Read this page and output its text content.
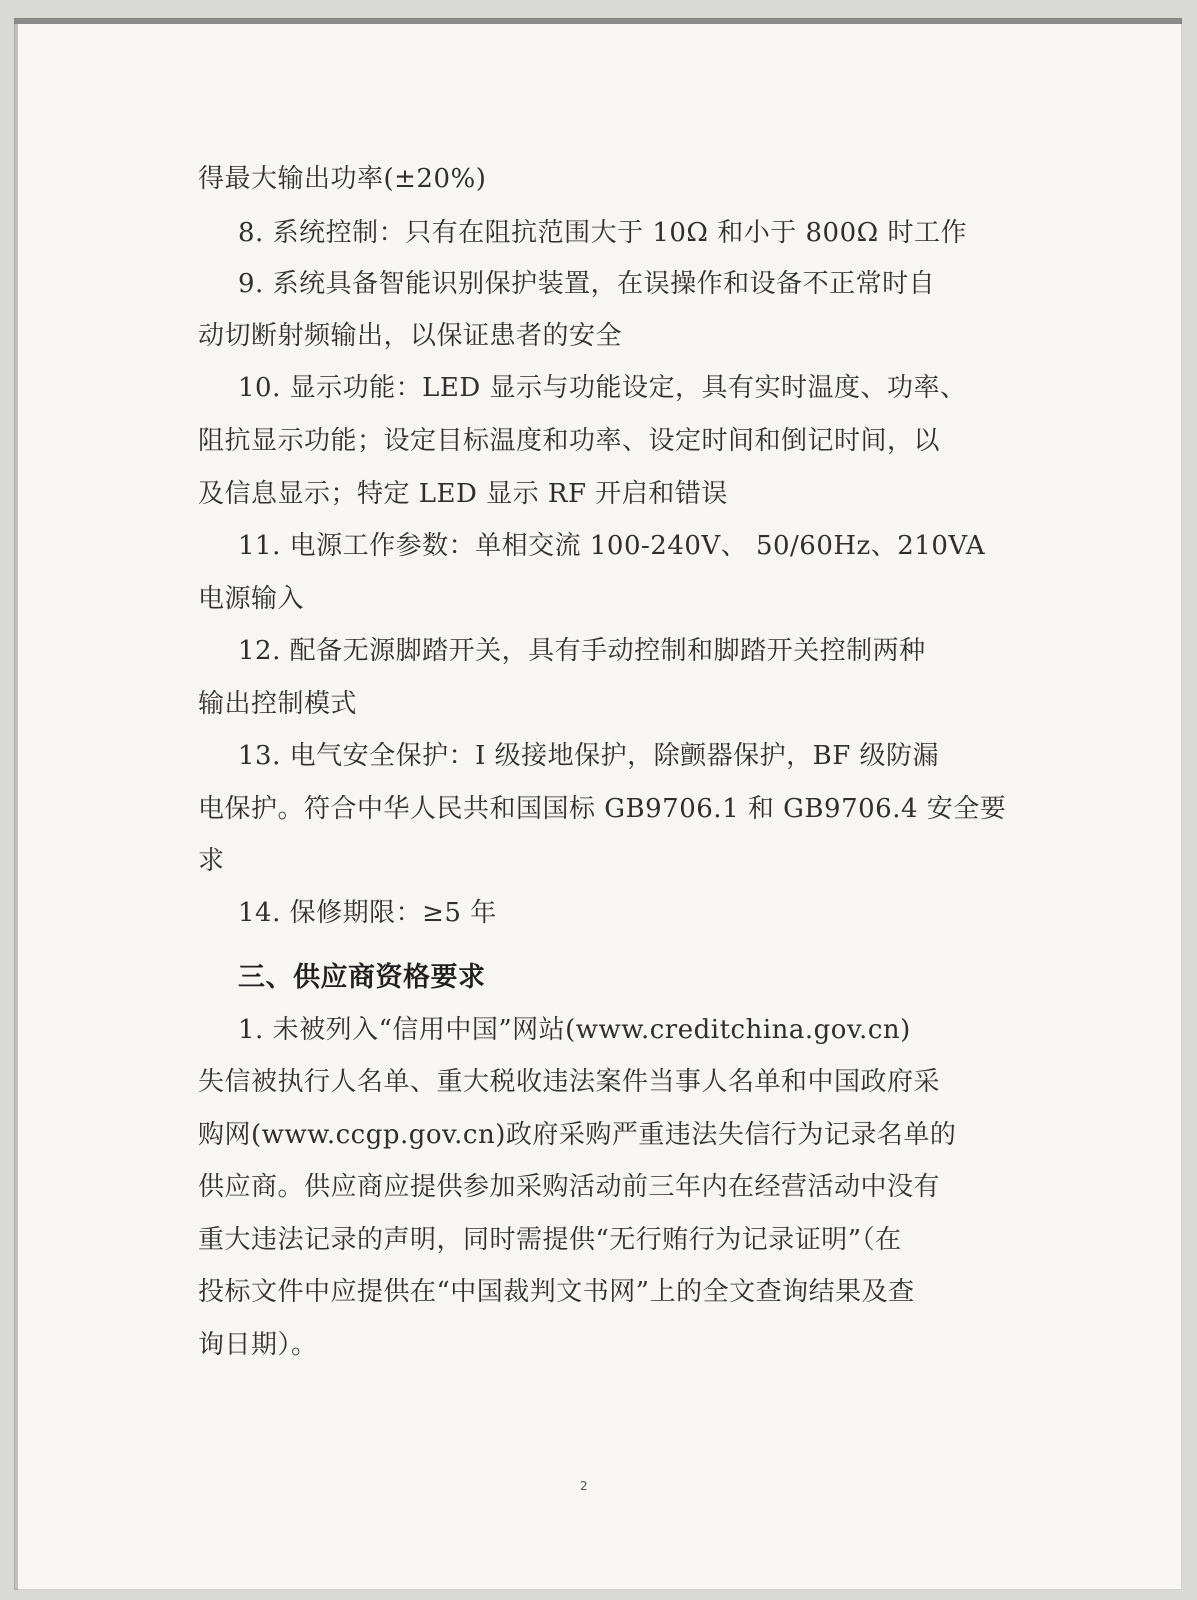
得最大输出功率(±20%)
8. 系统控制：只有在阻抗范围大于 10Ω 和小于 800Ω 时工作
9. 系统具备智能识别保护装置，在误操作和设备不正常时自
动切断射频输出，以保证患者的安全
10. 显示功能：LED 显示与功能设定，具有实时温度、功率、
阻抗显示功能；设定目标温度和功率、设定时间和倒记时间，以
及信息显示；特定 LED 显示 RF 开启和错误
11. 电源工作参数：单相交流 100-240V、 50/60Hz、210VA
电源输入
12. 配备无源脚踏开关，具有手动控制和脚踏开关控制两种
输出控制模式
13. 电气安全保护：I 级接地保护，除颤器保护，BF 级防漏
电保护。符合中华人民共和国国标 GB9706.1 和 GB9706.4 安全要
求
14. 保修期限：≥5 年
三、供应商资格要求
1. 未被列入“信用中国”网站(www.creditchina.gov.cn)
失信被执行人名单、重大税收违法案件当事人名单和中国政府采
购网(www.ccgp.gov.cn)政府采购严重违法失信行为记录名单的
供应商。供应商应提供参加采购活动前三年内在经营活动中没有
重大违法记录的声明，同时需提供“无行贿行为记录证明”（在
投标文件中应提供在“中国裁判文书网”上的全文查询结果及查
询日期）。
2
